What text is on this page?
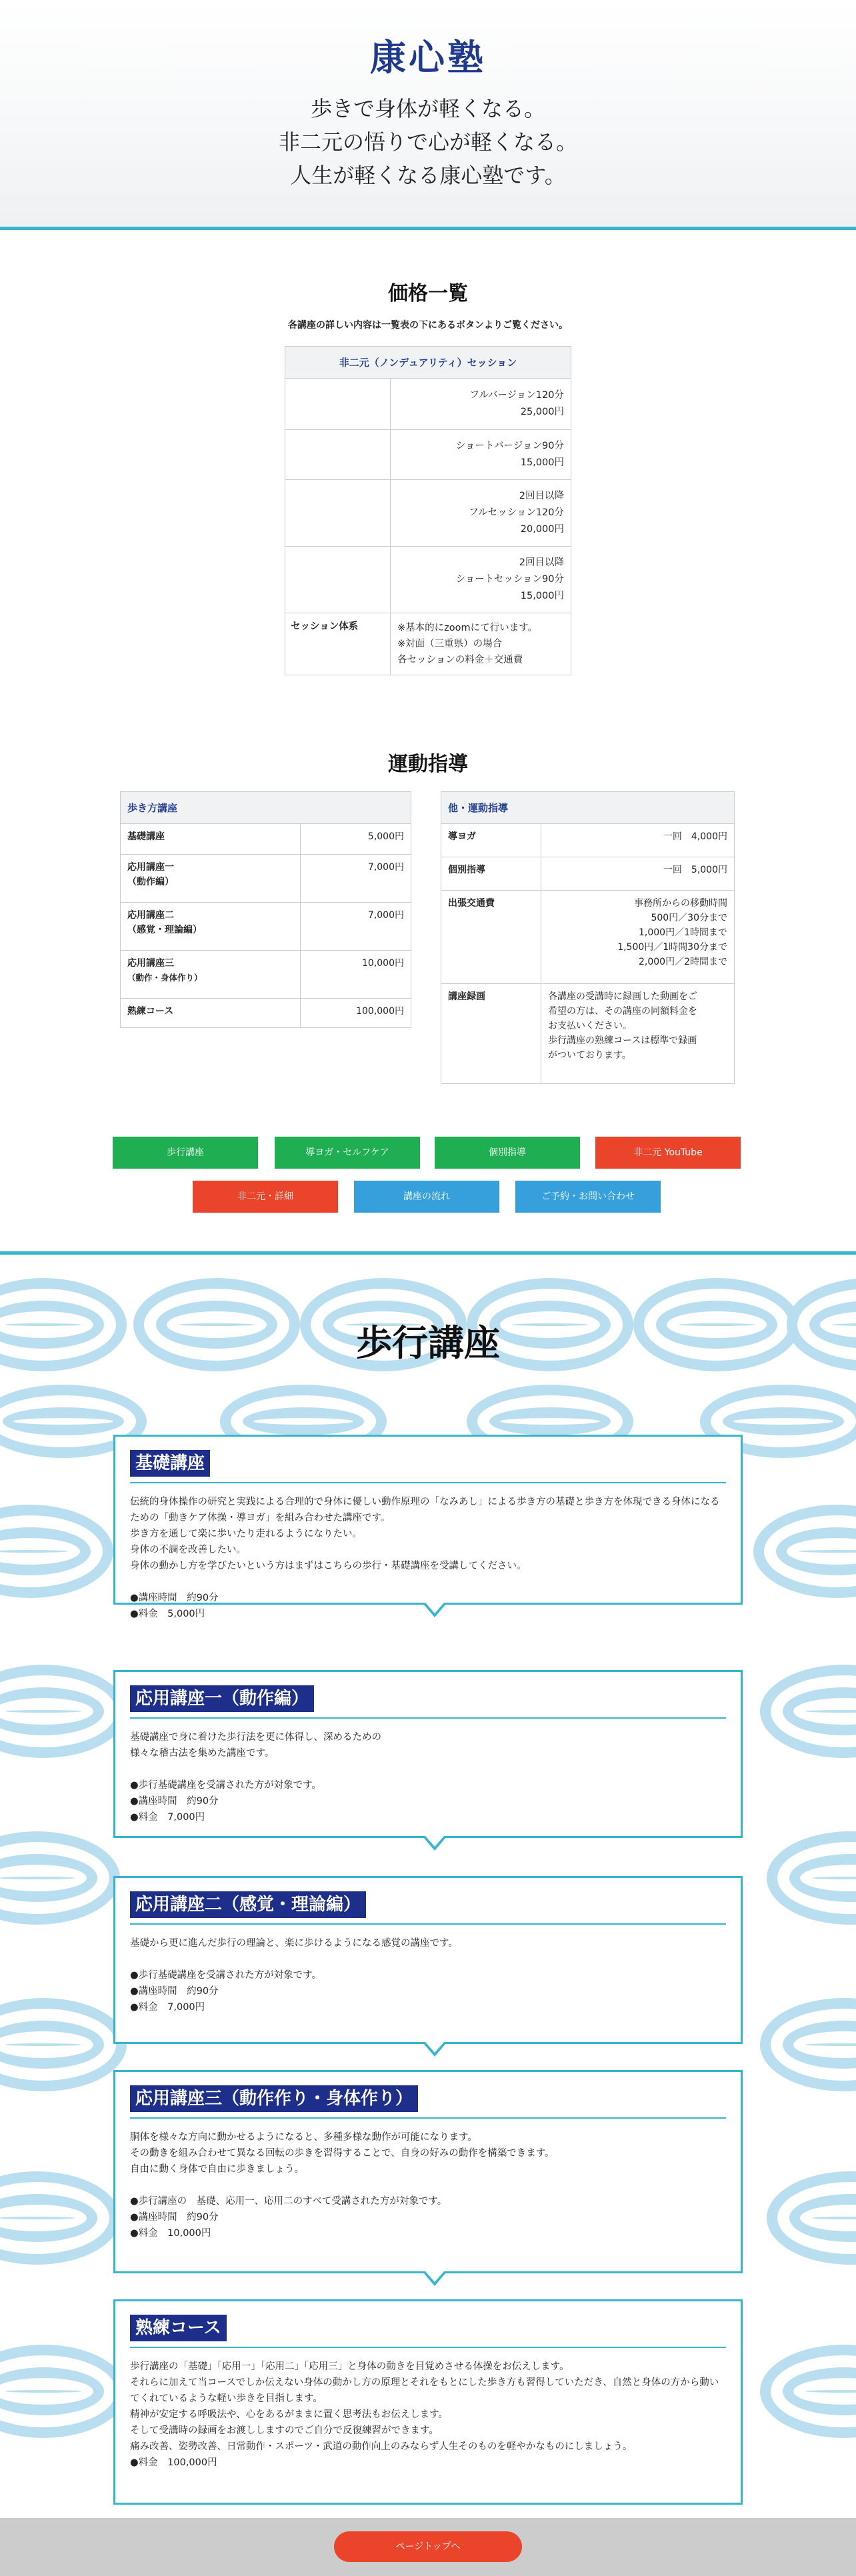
康心塾

歩きで身体が軽くなる。

非二元の悟りで心が軽くなる。

人生が軽くなる康心塾です。

価格一覧

各講座の詳しい内容は一覧表の下にあるボタンよりご覧ください。

非二元（ノンデュアリティ）セッション	

	フルバージョン120分
25,000円

	ショートバージョン90分
15,000円

	2回目以降
フルセッション120分
20,000円

	2回目以降
ショートセッション90分
15,000円

セッション体系	※基本的にzoomにて行います。
※対面（三重県）の場合
各セッションの料金＋交通費
運動指導
歩き方講座	
基礎講座	5,000円

応用講座一
（動作編）	7,000円

応用講座二
（感覚・理論編）	7,000円

応用講座三
（動作・身体作り）	10,000円
熟練コース	100,000円
他・運動指導	
導ヨガ	一回　4,000円
個別指導	一回　5,000円
出張交通費	事務所からの移動時間
500円／30分まで
1,000円／1時間まで
1,500円／1時間30分まで
2,000円／2時間まで

講座録画	各講座の受講時に録画した動画をご
希望の方は、その講座の同額料金を
お支払いください。
歩行講座の熟練コースは標準で録画
がついております。
歩行講座	導ヨガ・セルフケア	個別指導	非二元 YouTube
非二元・詳細	講座の流れ	ご予約・お問い合わせ
歩行講座
基礎講座

伝統的身体操作の研究と実践による合理的で身体に優しい動作原理の「なみあし」による歩き方の基礎と歩き方を体現できる身体になるための「動きケア体操・導ヨガ」を組み合わせた講座です。

歩き方を通して楽に歩いたり走れるようになりたい。

身体の不調を改善したい。

身体の動かし方を学びたいという方はまずはこちらの歩行・基礎講座を受講してください。

●講座時間　約90分

●料金　5,000円

応用講座一（動作編）

基礎講座で身に着けた歩行法を更に体得し、深めるための

様々な稽古法を集めた講座です。

●歩行基礎講座を受講された方が対象です。

●講座時間　約90分

●料金　7,000円

応用講座二（感覚・理論編）

基礎から更に進んだ歩行の理論と、楽に歩けるようになる感覚の講座です。

●歩行基礎講座を受講された方が対象です。

●講座時間　約90分

●料金　7,000円

応用講座三（動作作り・身体作り）

胴体を様々な方向に動かせるようになると、多種多様な動作が可能になります。

その動きを組み合わせて異なる回転の歩きを習得することで、自身の好みの動作を構築できます。

自由に動く身体で自由に歩きましょう。

●歩行講座の　基礎、応用一、応用二のすべて受講された方が対象です。

●講座時間　約90分

●料金　10,000円

熟練コース

歩行講座の「基礎」「応用一」「応用二」「応用三」と身体の動きを目覚めさせる体操をお伝えします。

それらに加えて当コースでしか伝えない身体の動かし方の原理とそれをもとにした歩き方も習得していただき、自然と身体の方から動いてくれているような軽い歩きを目指します。

精神が安定する呼吸法や、心をあるがままに置く思考法もお伝えします。

そして受講時の録画をお渡ししますのでご自分で反復練習ができます。

痛み改善、姿勢改善、日常動作・スポーツ・武道の動作向上のみならず人生そのものを軽やかなものにしましょう。

●料金　100,000円

ページトップへ
